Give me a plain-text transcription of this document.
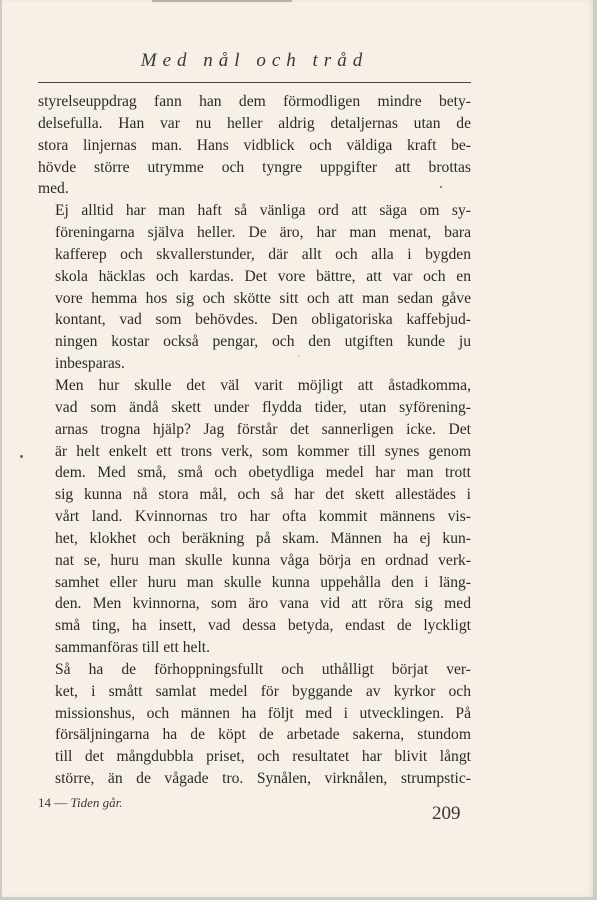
Med nål och tråd

styrelseuppdrag fann han dem förmodligen mindre bety-
delsefulla. Han var nu heller aldrig detaljernas utan de
stora linjernas man. Hans vidblick och väldiga kraft be-
hövde större utrymme och tyngre uppgifter att brottas
med.

Ej alltid har man haft så vänliga ord att säga om sy-
föreningarna själva heller. De äro, har man menat, bara
kafferep och skvallerstunder, där allt och alla i bygden
skola häcklas och kardas. Det vore bättre, att var och en
vore hemma hos sig och skötte sitt och att man sedan gåve
kontant, vad som behövdes. Den obligatoriska kaffebjud-
ningen kostar också pengar, och den utgiften kunde ju
inbesparas.

Men hur skulle det väl varit möjligt att åstadkomma,
vad som ändå skett under flydda tider, utan syförening-
arnas trogna hjälp? Jag förstår det sannerligen icke. Det
är helt enkelt ett trons verk, som kommer till synes genom
dem. Med små, små och obetydliga medel har man trott
sig kunna nå stora mål, och så har det skett allestädes i
vårt land. Kvinnornas tro har ofta kommit männens vis-
het, klokhet och beräkning på skam. Männen ha ej kun-
nat se, huru man skulle kunna våga börja en ordnad verk-
samhet eller huru man skulle kunna uppehålla den i läng-
den. Men kvinnorna, som äro vana vid att röra sig med
små ting, ha insett, vad dessa betyda, endast de lyckligt
sammanföras till ett helt.

Så ha de förhoppningsfullt och uthålligt börjat ver-
ket, i smått samlat medel för byggande av kyrkor och
missionshus, och männen ha följt med i utvecklingen. På
försäljningarna ha de köpt de arbetade sakerna, stundom
till det mångdubbla priset, och resultatet har blivit långt
större, än de vågade tro. Synålen, virknålen, strumpstic-

14 — Tiden går.
209
